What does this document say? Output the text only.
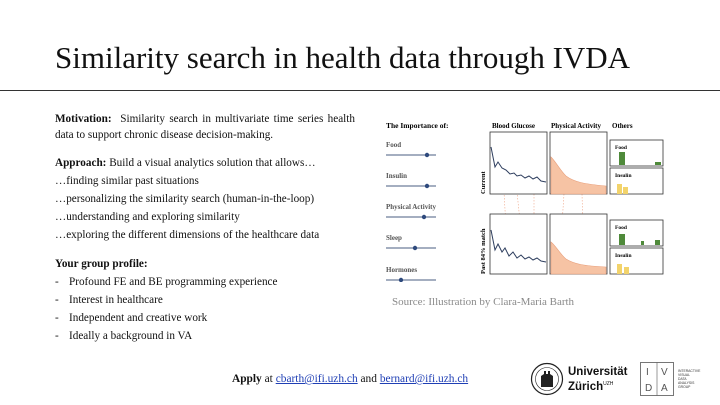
Similarity search in health data through IVDA

Motivation: Similarity search in multivariate time series health data to support chronic disease decision-making.

Approach: Build a visual analytics solution that allows…

…finding similar past situations

…personalizing the similarity search (human-in-the-loop)

…understanding and exploring similarity

…exploring the different dimensions of the healthcare data

Your group profile:

- Profound FE and BE programming experience
- Interest in healthcare
- Independent and creative work
- Ideally a background in VA
The Importance of:
Food
Insulin
Physical Activity
Sleep
Hormones
Blood Glucose Physical Activity Others
Current
Past 84% match
Food
Insulin
Food
Insulin
Source: Illustration by Clara-Maria Barth
Apply at cbarth@ifi.uzh.ch and bernard@ifi.uzh.ch
Universität
Zürich$^{UZH}$
I V
D A
INTERACTIVE
VISUAL
DATA
ANALYSIS
GROUP
